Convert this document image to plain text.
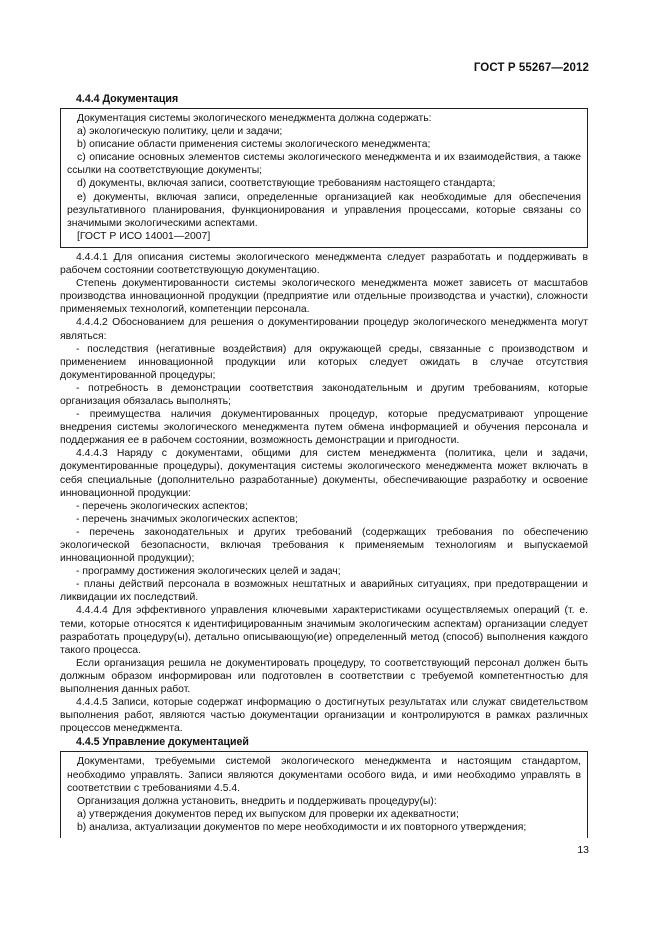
ГОСТ Р 55267—2012

4.4.4 Документация

Документация системы экологического менеджмента должна содержать:

а) экологическую политику, цели и задачи;

b) описание области применения системы экологического менеджмента;

с) описание основных элементов системы экологического менеджмента и их взаимодействия, а также ссылки на соответствующие документы;

d) документы, включая записи, соответствующие требованиям настоящего стандарта;

е) документы, включая записи, определенные организацией как необходимые для обеспечения результативного планирования, функционирования и управления процессами, которые связаны со значимыми экологическими аспектами.

[ГОСТ Р ИСО 14001—2007]

4.4.4.1 Для описания системы экологического менеджмента следует разработать и поддерживать в рабочем состоянии соответствующую документацию.

Степень документированности системы экологического менеджмента может зависеть от масштабов производства инновационной продукции (предприятие или отдельные производства и участки), сложности применяемых технологий, компетенции персонала.

4.4.4.2 Обоснованием для решения о документировании процедур экологического менеджмента могут являться:

- последствия (негативные воздействия) для окружающей среды, связанные с производством и применением инновационной продукции или которых следует ожидать в случае отсутствия документированной процедуры;

- потребность в демонстрации соответствия законодательным и другим требованиям, которые организация обязалась выполнять;

- преимущества наличия документированных процедур, которые предусматривают упрощение внедрения системы экологического менеджмента путем обмена информацией и обучения персонала и поддержания ее в рабочем состоянии, возможность демонстрации и пригодности.

4.4.4.3 Наряду с документами, общими для систем менеджмента (политика, цели и задачи, документированные процедуры), документация системы экологического менеджмента может включать в себя специальные (дополнительно разработанные) документы, обеспечивающие разработку и освоение инновационной продукции:

- перечень экологических аспектов;

- перечень значимых экологических аспектов;

- перечень законодательных и других требований (содержащих требования по обеспечению экологической безопасности, включая требования к применяемым технологиям и выпускаемой инновационной продукции);

- программу достижения экологических целей и задач;

- планы действий персонала в возможных нештатных и аварийных ситуациях, при предотвращении и ликвидации их последствий.

4.4.4.4 Для эффективного управления ключевыми характеристиками осуществляемых операций (т. е. теми, которые относятся к идентифицированным значимым экологическим аспектам) организации следует разработать процедуру(ы), детально описывающую(ие) определенный метод (способ) выполнения каждого такого процесса.

Если организация решила не документировать процедуру, то соответствующий персонал должен быть должным образом информирован или подготовлен в соответствии с требуемой компетентностью для выполнения данных работ.

4.4.4.5 Записи, которые содержат информацию о достигнутых результатах или служат свидетельством выполнения работ, являются частью документации организации и контролируются в рамках различных процессов менеджмента.

4.4.5 Управление документацией

Документами, требуемыми системой экологического менеджмента и настоящим стандартом, необходимо управлять. Записи являются документами особого вида, и ими необходимо управлять в соответствии с требованиями 4.5.4.

Организация должна установить, внедрить и поддерживать процедуру(ы):

а) утверждения документов перед их выпуском для проверки их адекватности;

b) анализа, актуализации документов по мере необходимости и их повторного утверждения;

13
